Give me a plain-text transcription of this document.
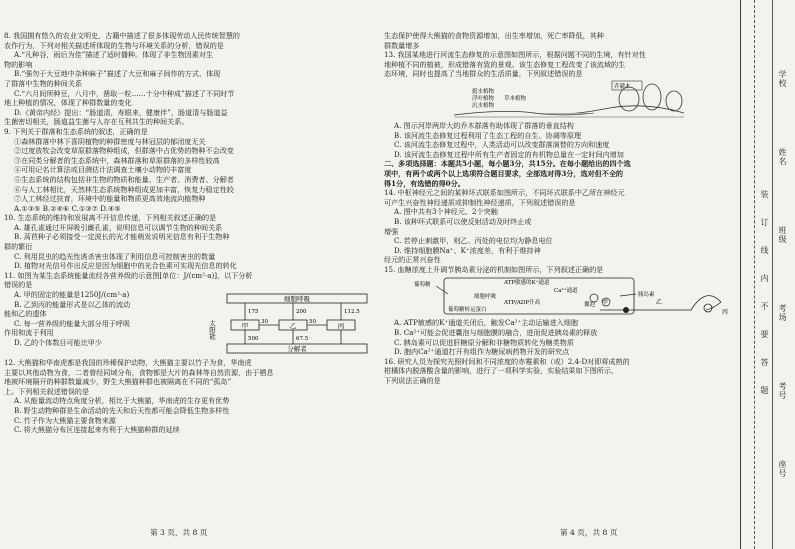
8. 我国拥有悠久的农业文明史，古籍中描述了很多体现劳动人民传统智慧的
农作行为，下列对相关描述所体现的生物与环境关系的分析，错误的是
A.“凡种谷，雨后为佳”描述了适时播种。体现了非生物因素对生
物的影响
B.“强勿于大豆地中杂种麻子”描述了大豆和麻子间作的方式，体现
了群落中生物的种间关系
C.“六月间所种豆，八月中，凿取一粒……十分中种成”描述了不同时节
地上种植的情况，体现了种群数量的变化
D.《黄帝内经》提出：“肠道清，寿眼来，健康伴”，肠道清与肠道益
生菌密切相关，肠道益生菌与人存在互利共生的种间关系。
9. 下列关于群落和生态系统的叙述，正确的是
①森林群落中林下喜阴植物的种群密度与林冠层的郁闭度无关
②过度放牧会改变草原群落物种组成，但群落中占优势的物种不会改变
③在同类分解者的生态系统中，森林群落和草原群落的多样性较高
④可用记名计算法或目测估计法调查土壤小动物的丰富度
⑤生态系统的结构包括非生物的物质和能量、生产者、消费者、分解者
⑥与人工林相比，天然林生态系统物种组成更加丰富，恢复力稳定性较
⑦人工林经过扶育，环境中的能量和物质更高效地流向植物种
A.①③⑤ B.②④⑥ C.①③⑦ D.④⑤
10. 生态系统的维持和发展离不开信息传递，下列相关叙述正确的是
A. 雄孔雀通过开屏吸引雌孔雀，说明信息可以调节生物的种间关系
B. 莴苣种子必须接受一定波长的光才能萌发说明光信息有利于生物种
群的繁衍
C. 利用昆虫的趋光性诱杀害虫体现了利用信息可控制害虫的数量
D. 植物对光信号作出反应是因为细胞中的光合色素可实现光信息的转化
11. 如图为某生态系统能量流经各营养级的示意图[单位：J/(cm²·a)]，以下分析
错误的是
A. 甲的固定的能量是1250J/(cm²·a)
B. 乙到丙的能量形式是以乙体的流动
能和乙的遗体
C. 每一营养级的能量大部分用于呼吸
作用和流于利用
D. 乙的个体数目可能比甲少
细胞呼吸
太阳能	甲	乙	丙
分解者
175	200	112.5
30	50
500	67.5
12. 大熊猫和华南虎都是我国的珍稀保护动物，大熊猫主要以竹子为食，华南虎
主要以其他动物为食，二者曾经同域分布，食物都是大片的森林等自然资源，由于栖息
地被环境隔开的种群数量减少，野生大熊猫种群也被隔离在不同的“孤岛”
上。下列相关叙述错误的是
A. 从能量流动特点角度分析，相比于大熊猫，华南虎的生存更有优势
B. 野生动物种群是生命活动的先天和后天性都可能会降低生物多样性
C. 竹子作为大熊猫主要食物来源
C. 将大熊猫分布区连接起来有利于大熊猫种群的延续
生态保护使得大熊猫的食物资源增加，出生率增加，死亡率降低，其种
群数量增多
13. 我国某地进行河流生态修复的示意图如图所示，根据问题不同的生境，有针对性
地种植不同的植被，形成错落有致的景观。该生态修复工程改变了该流域的生
态环境，同时也提高了当地群众的生活质量，下列叙述错误的是
乔灌木
挺水植物
浮叶植物
沉水植物
草本植物
A. 图示河岸两岸大的乔木群落有助体现了群落的垂直结构
B. 该河流生态修复过程利用了生态工程的自生、协调等原理
C. 该河流生态修复过程中，人类活动可以改变群落演替的方向和速度
D. 该河流生态修复过程中所有生产者固定的有机物总量在一定时间内增加
二、多项选择题：本题共5小题，每小题3分，共15分。在每小题给出的四个选
项中，有两个或两个以上选项符合题目要求，全部选对得3分，选对但不全的
得1分，有选错的得0分。
14. 中枢神经元之间的某种环式联系如图所示，不同环式联系中乙所在神经元
可产生兴奋性神经递质或抑制性神经递质，下列叙述错误的是
A. 图中共有3个神经元、2个突触
B. 该种环式联系可以使反射活动及时终止或
增强
C. 若停止刺激甲，则乙、丙处的电位均为静息电位
D. 维持细胞膜Na⁺、K⁺浓度差，有利于维持神
经元的正常兴奋性
甲	乙
丙
15. 血糖浓度上升调节胰岛素分泌的机制如图所示，下列叙述正确的是
葡萄糖	ATP敏感的K⁺通道
Ca²⁺通道
胰岛素
囊泡
细胞呼吸
葡萄糖转运蛋白
ATP/ADP升高
A. ATP敏感的K⁺通道关闭后，触发Ca²⁺主动运输进入细胞
B. Ca²⁺可能会促进囊泡与细胞膜的融合，进而促进胰岛素的释放
C. 胰岛素可以促进肝糖原分解和非糖物质转化为糖类物质
D. 胞内Ca²⁺通道打开有组作为糖尿病药物开发的研究点
16. 研究人员为探究光照时间和不同浓度的赤霉素和（或）2,4-D对即将成熟的
柑橘体内脱落酸含量的影响，进行了一项科学实验，实验结果如下图所示，
下列说法正确的是
第 3 页，共 8 页	第 4 页，共 8 页
装
订
线
内
不
要
答
题
学校
姓名
班级
考场
考号
座号
